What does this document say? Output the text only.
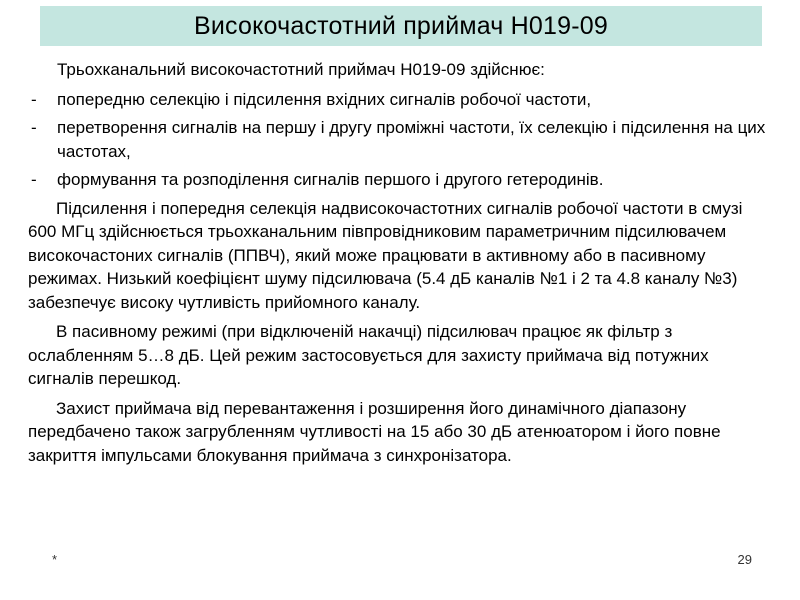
Високочастотний приймач Н019-09

Трьохканальний високочастотний приймач Н019-09 здійснює:

- попередню селекцію і підсилення вхідних сигналів робочої частоти,
- перетворення сигналів на першу і другу проміжні частоти, їх селекцію і підсилення на цих частотах,
- формування та розподілення сигналів першого і другого гетеродинів.

Підсилення і попередня селекція надвисокочастотних сигналів робочої частоти в смузі 600 МГц здійснюється трьохканальним півпровідниковим параметричним підсилювачем високочастоних сигналів (ППВЧ), який може працювати в активному або в пасивному режимах. Низький коефіцієнт шуму підсилювача (5.4 дБ каналів №1 і 2 та 4.8 каналу №3) забезпечує високу чутливість прийомного каналу.

В пасивному режимі (при відключеній накачці) підсилювач працює як фільтр з ослабленням 5…8 дБ. Цей режим застосовується для захисту приймача від потужних сигналів перешкод.

Захист приймача від перевантаження і розширення його динамічного діапазону передбачено також загрубленням чутливості на 15 або 30 дБ атенюатором і його повне закриття імпульсами блокування приймача з синхронізатора.

*	29
